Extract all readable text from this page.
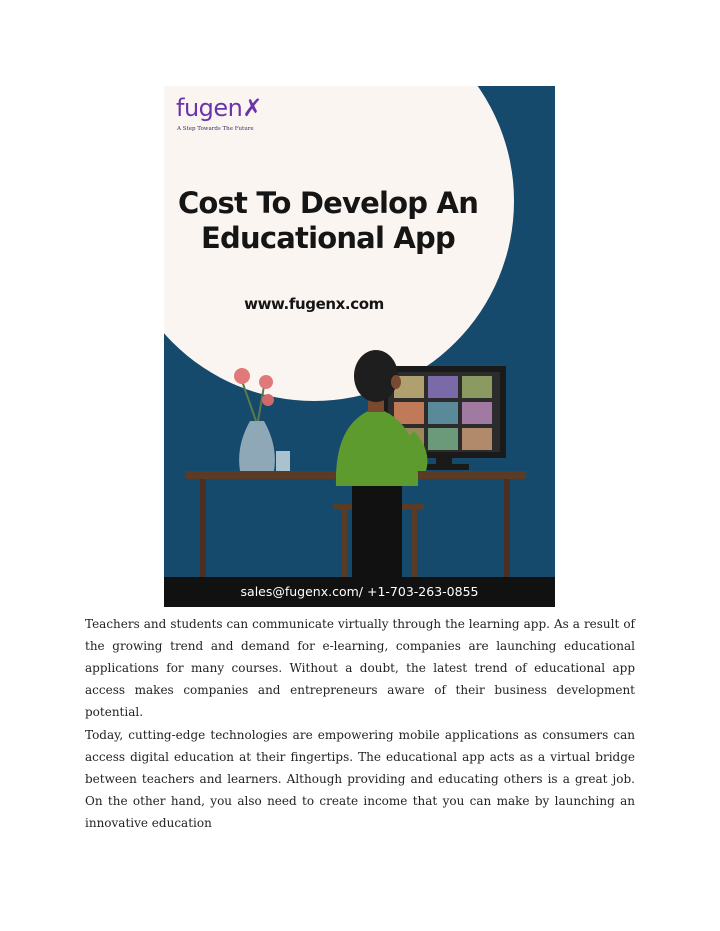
fugen✗
A Step Towards The Future
Cost To Develop An
Educational App
www.fugenx.com
sales@fugenx.com/ +1-703-263-0855

Teachers and students can communicate virtually through the learning app. As a result of the growing trend and demand for e-learning, companies are launching educational applications for many courses. Without a doubt, the latest trend of educational app access makes companies and entrepreneurs aware of their business development potential.

Today, cutting-edge technologies are empowering mobile applications as consumers can access digital education at their fingertips. The educational app acts as a virtual bridge between teachers and learners. Although providing and educating others is a great job. On the other hand, you also need to create income that you can make by launching an innovative education
